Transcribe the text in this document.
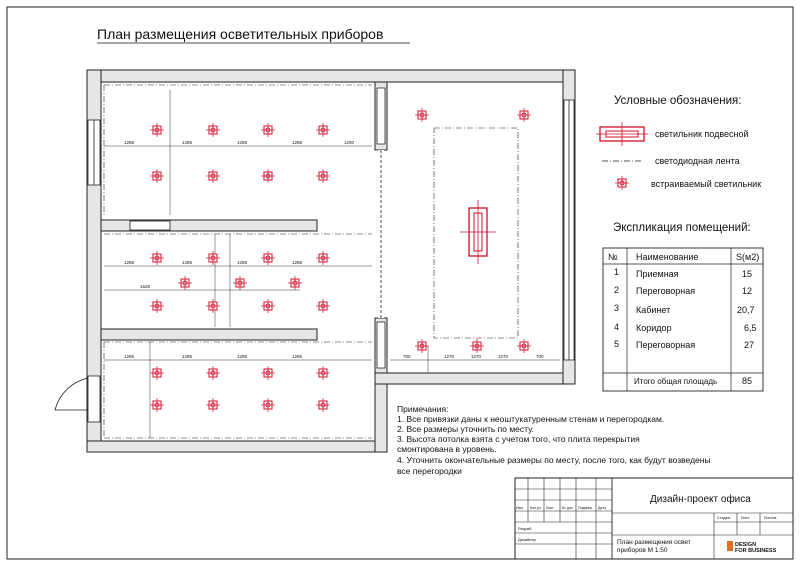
План размещения осветительных приборов
1285	1285	1285	1285	1250
1285	1285	1285	1285
1625
1285	1285	1285	1285	700	1270	1270	1270	700
Условные обозначения:
светильник подвесной
светодиодная лента
встраиваемый светильник
Экспликация помещений:
№ Наименование	S(м2)
1 Приемная	15
2 Переговорная	12
3 Кабинет	20,7
4 Коридор	6,5
5 Переговорная	27
Итого общая площадь	85
Примечания:
1. Все привязки даны к неоштукатуренным стенам и перегородкам.
2. Все размеры уточнить по месту.
3. Высота потолка взята с учетом того, что плита перекрытия
смонтирована в уровень.
4. Уточнить окончательные размеры по месту, после того, как будут возведены
все перегородки
Дизайн-проект офиса
План размещения освет
приборов М 1:50
Изм Кол.уч Лист № док Подпись Дата
Разраб.
Дизайнер
Стадия	Лист	Листов
DESIGN
FOR BUSINESS
